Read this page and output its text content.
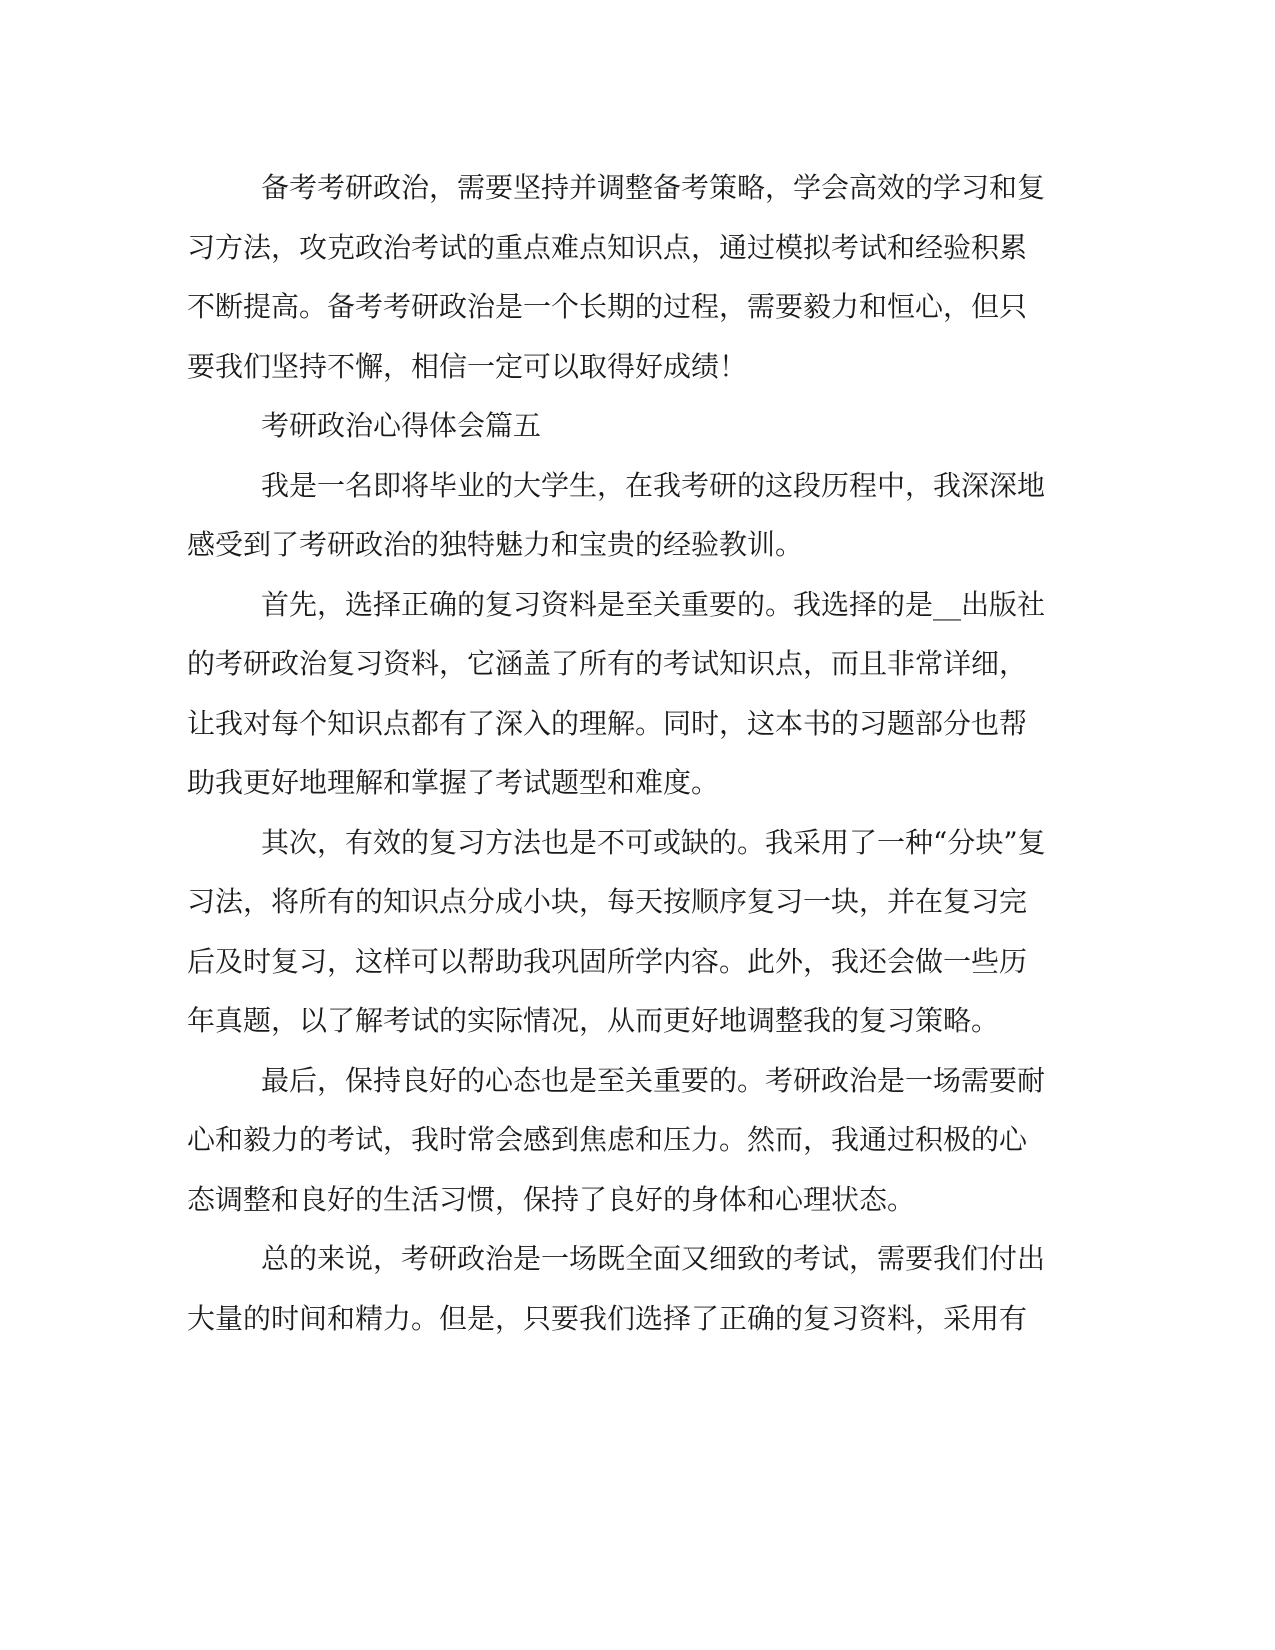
备考考研政治，需要坚持并调整备考策略，学会高效的学习和复
习方法，攻克政治考试的重点难点知识点，通过模拟考试和经验积累
不断提高。备考考研政治是一个长期的过程，需要毅力和恒心，但只
要我们坚持不懈，相信一定可以取得好成绩！
考研政治心得体会篇五
我是一名即将毕业的大学生，在我考研的这段历程中，我深深地
感受到了考研政治的独特魅力和宝贵的经验教训。
首先，选择正确的复习资料是至关重要的。我选择的是__出版社
的考研政治复习资料，它涵盖了所有的考试知识点，而且非常详细，
让我对每个知识点都有了深入的理解。同时，这本书的习题部分也帮
助我更好地理解和掌握了考试题型和难度。
其次，有效的复习方法也是不可或缺的。我采用了一种“分块”复
习法，将所有的知识点分成小块，每天按顺序复习一块，并在复习完
后及时复习，这样可以帮助我巩固所学内容。此外，我还会做一些历
年真题，以了解考试的实际情况，从而更好地调整我的复习策略。
最后，保持良好的心态也是至关重要的。考研政治是一场需要耐
心和毅力的考试，我时常会感到焦虑和压力。然而，我通过积极的心
态调整和良好的生活习惯，保持了良好的身体和心理状态。
总的来说，考研政治是一场既全面又细致的考试，需要我们付出
大量的时间和精力。但是，只要我们选择了正确的复习资料，采用有
